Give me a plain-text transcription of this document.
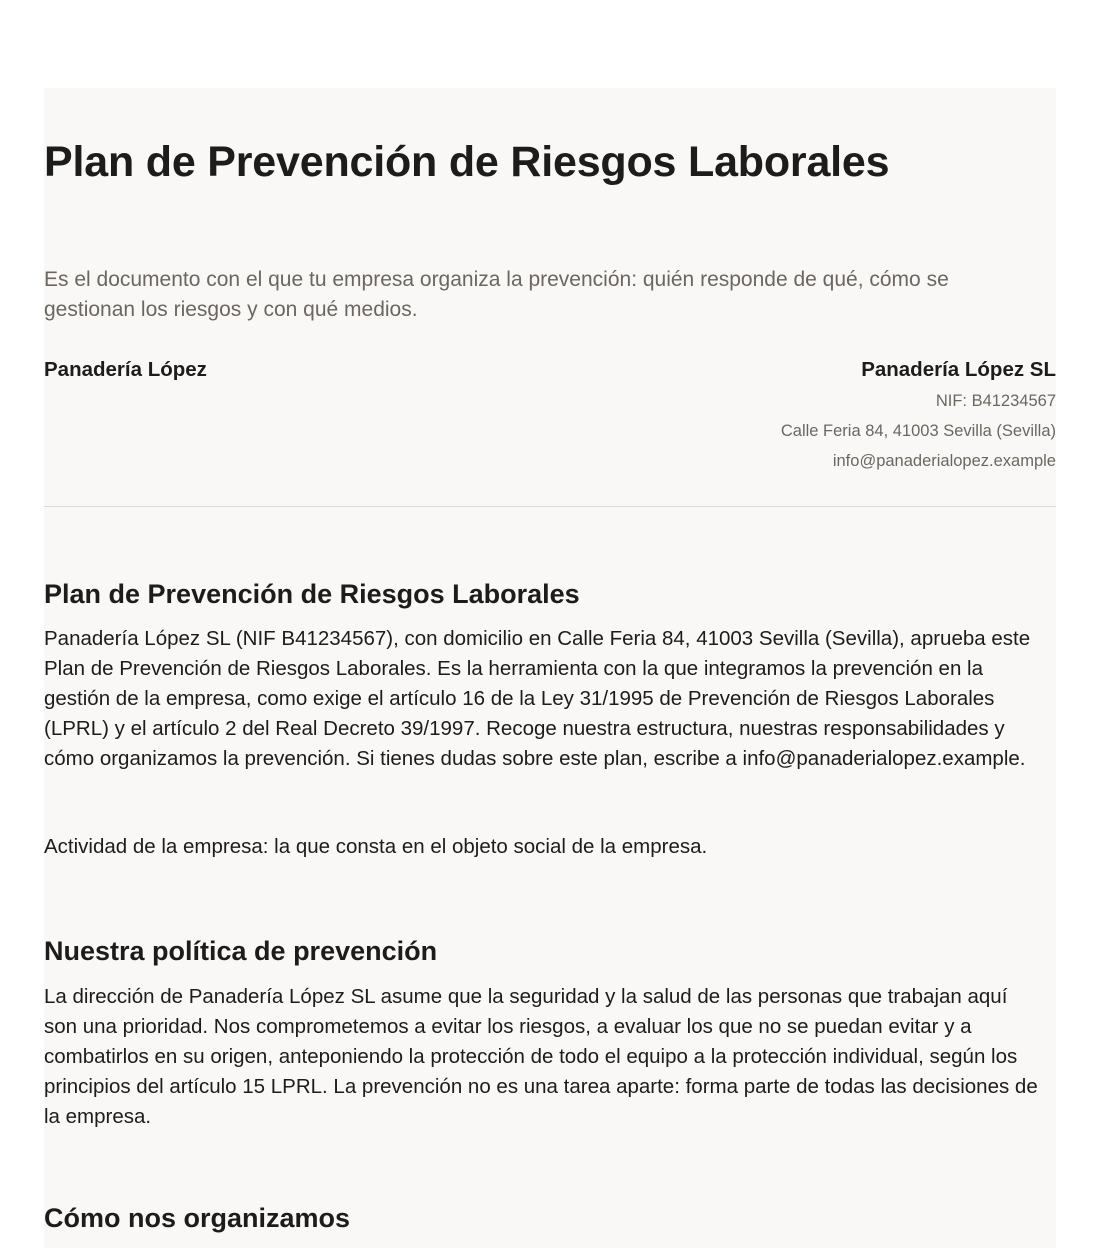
Plan de Prevención de Riesgos Laborales

Es el documento con el que tu empresa organiza la prevención: quién responde de qué, cómo se gestionan los riesgos y con qué medios.

Panadería López	Panadería López SL
NIF: B41234567
Calle Feria 84, 41003 Sevilla (Sevilla)
info@panaderialopez.example
Plan de Prevención de Riesgos Laborales

Panadería López SL (NIF B41234567), con domicilio en Calle Feria 84, 41003 Sevilla (Sevilla), aprueba este Plan de Prevención de Riesgos Laborales. Es la herramienta con la que integramos la prevención en la gestión de la empresa, como exige el artículo 16 de la Ley 31/1995 de Prevención de Riesgos Laborales (LPRL) y el artículo 2 del Real Decreto 39/1997. Recoge nuestra estructura, nuestras responsabilidades y cómo organizamos la prevención. Si tienes dudas sobre este plan, escribe a info@panaderialopez.example.

Actividad de la empresa: la que consta en el objeto social de la empresa.

Nuestra política de prevención

La dirección de Panadería López SL asume que la seguridad y la salud de las personas que trabajan aquí son una prioridad. Nos comprometemos a evitar los riesgos, a evaluar los que no se puedan evitar y a combatirlos en su origen, anteponiendo la protección de todo el equipo a la protección individual, según los principios del artículo 15 LPRL. La prevención no es una tarea aparte: forma parte de todas las decisiones de la empresa.

Cómo nos organizamos
